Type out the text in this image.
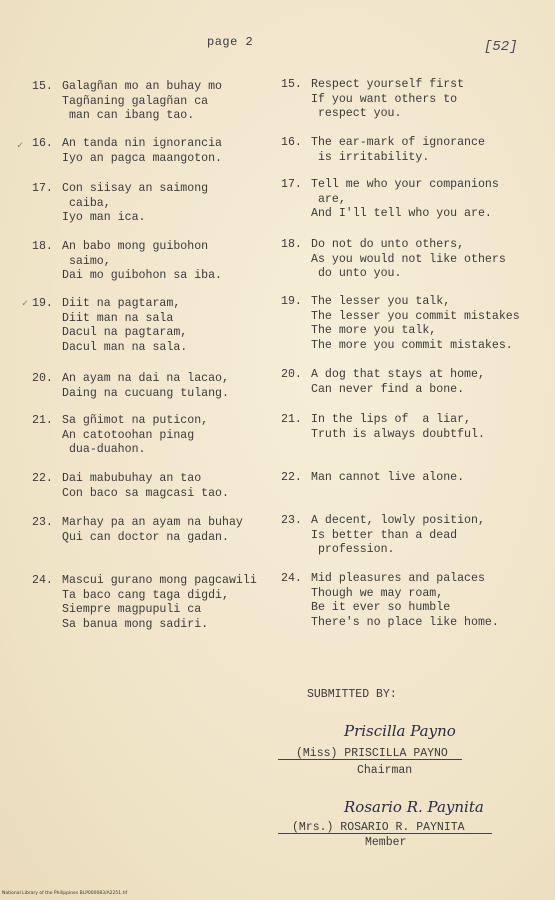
page 2	[52]
✓
✓
15. Galagñan mo an buhay mo
Tagñaning galagñan ca
man can ibang tao.
16. An tanda nin ignorancia
Iyo an pagca maangoton.
17. Con siisay an saimong
caiba,
Iyo man ica.
18. An babo mong guibohon
saimo,
Dai mo guibohon sa iba.
19. Diit na pagtaram,
Diit man na sala
Dacul na pagtaram,
Dacul man na sala.
20. An ayam na dai na lacao,
Daing na cucuang tulang.
21. Sa gñimot na puticon,
An catotoohan pinag
dua-duahon.
22. Dai mabubuhay an tao
Con baco sa magcasi tao.
23. Marhay pa an ayam na buhay
Qui can doctor na gadan.
24. Mascui gurano mong pagcawili
Ta baco cang taga digdi,
Siempre magpupuli ca
Sa banua mong sadiri.
15. Respect yourself first
If you want others to
respect you.
16. The ear-mark of ignorance
is irritability.
17. Tell me who your companions
are,
And I'll tell who you are.
18. Do not do unto others,
As you would not like others
do unto you.
19. The lesser you talk,
The lesser you commit mistakes
The more you talk,
The more you commit mistakes.
20. A dog that stays at home,
Can never find a bone.
21. In the lips of  a liar,
Truth is always doubtful.
22. Man cannot live alone.
23. A decent, lowly position,
Is better than a dead
profession.
24. Mid pleasures and palaces
Though we may roam,
Be it ever so humble
There's no place like home.
SUBMITTED BY:
Priscilla Payno
(Miss) PRISCILLA PAYNO
Chairman
Rosario R. Paynita
(Mrs.) ROSARIO R. PAYNITA
Member
National Library of the Philippines BLP000083/A2251.tif
